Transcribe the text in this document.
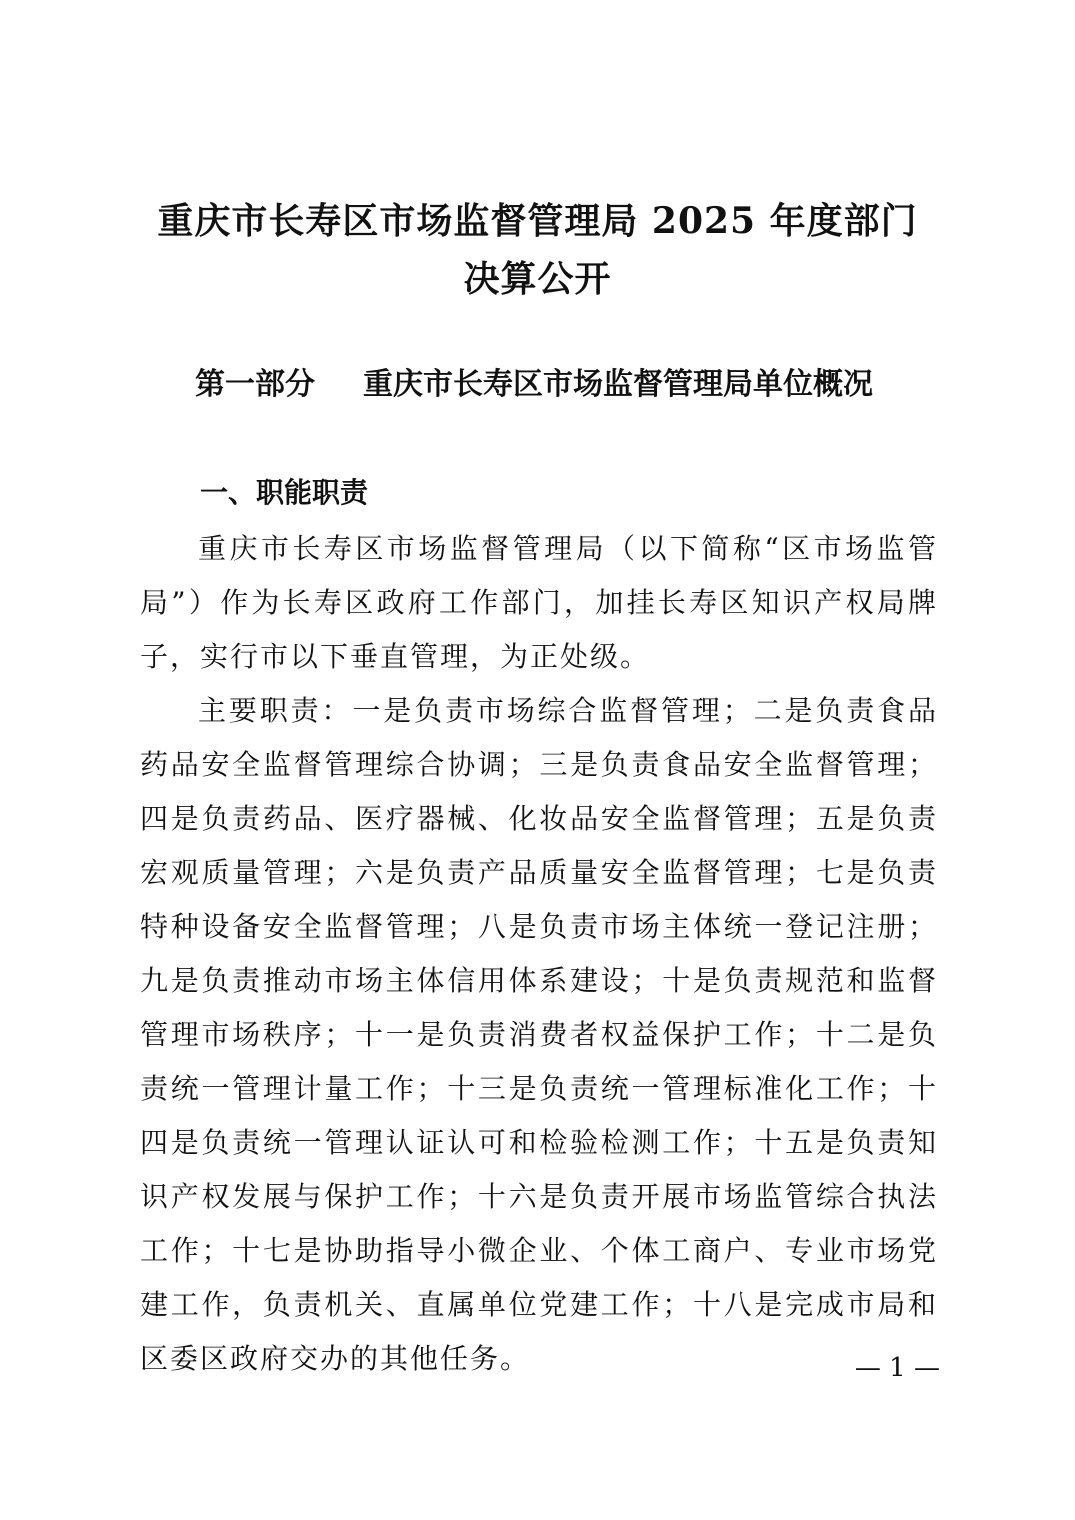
重庆市长寿区市场监督管理局 2025 年度部门
决算公开
第一部分 重庆市长寿区市场监督管理局单位概况
一、职能职责

重庆市长寿区市场监督管理局（以下简称“区市场监管局”）作为长寿区政府工作部门，加挂长寿区知识产权局牌子，实行市以下垂直管理，为正处级。

主要职责：一是负责市场综合监督管理；二是负责食品药品安全监督管理综合协调；三是负责食品安全监督管理；四是负责药品、医疗器械、化妆品安全监督管理；五是负责宏观质量管理；六是负责产品质量安全监督管理；七是负责特种设备安全监督管理；八是负责市场主体统一登记注册；九是负责推动市场主体信用体系建设；十是负责规范和监督管理市场秩序；十一是负责消费者权益保护工作；十二是负责统一管理计量工作；十三是负责统一管理标准化工作；十四是负责统一管理认证认可和检验检测工作；十五是负责知识产权发展与保护工作；十六是负责开展市场监管综合执法工作；十七是协助指导小微企业、个体工商户、专业市场党建工作，负责机关、直属单位党建工作；十八是完成市局和区委区政府交办的其他任务。	— 1 —
